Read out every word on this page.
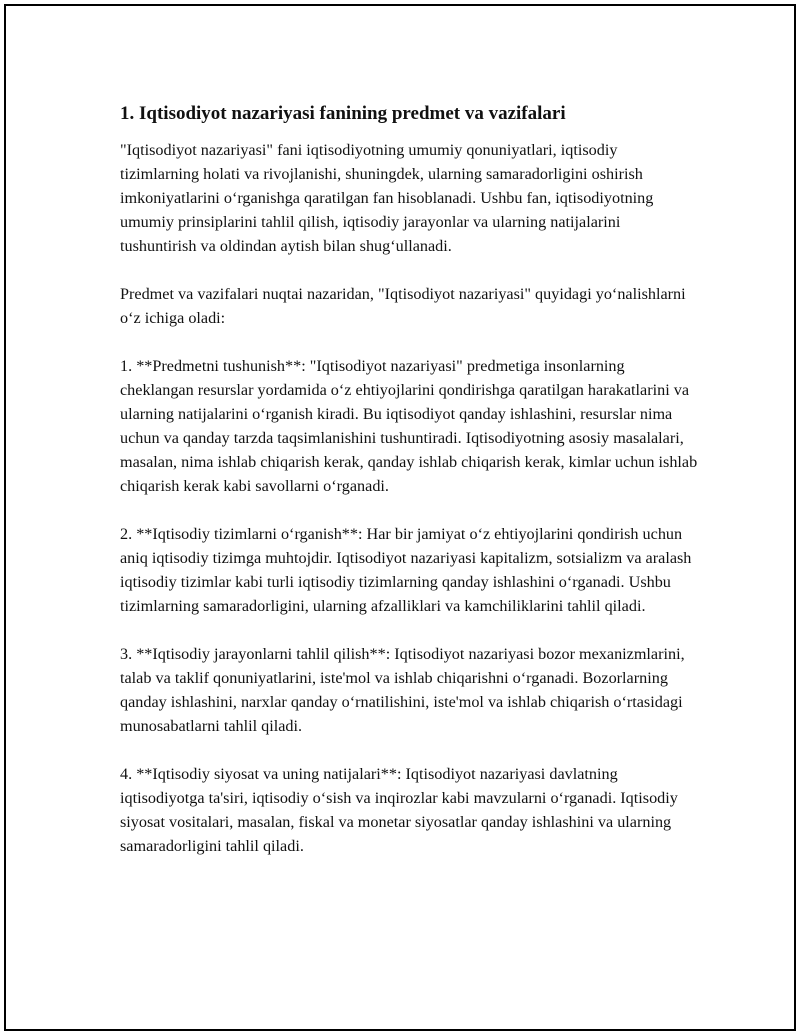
1. Iqtisodiyot nazariyasi fanining predmet va vazifalari

"Iqtisodiyot nazariyasi" fani iqtisodiyotning umumiy qonuniyatlari, iqtisodiy tizimlarning holati va rivojlanishi, shuningdek, ularning samaradorligini oshirish imkoniyatlarini o‘rganishga qaratilgan fan hisoblanadi. Ushbu fan, iqtisodiyotning umumiy prinsiplarini tahlil qilish, iqtisodiy jarayonlar va ularning natijalarini tushuntirish va oldindan aytish bilan shug‘ullanadi.

Predmet va vazifalari nuqtai nazaridan, "Iqtisodiyot nazariyasi" quyidagi yo‘nalishlarni o‘z ichiga oladi:

1. **Predmetni tushunish**: "Iqtisodiyot nazariyasi" predmetiga insonlarning cheklangan resurslar yordamida o‘z ehtiyojlarini qondirishga qaratilgan harakatlarini va ularning natijalarini o‘rganish kiradi. Bu iqtisodiyot qanday ishlashini, resurslar nima uchun va qanday tarzda taqsimlanishini tushuntiradi. Iqtisodiyotning asosiy masalalari, masalan, nima ishlab chiqarish kerak, qanday ishlab chiqarish kerak, kimlar uchun ishlab chiqarish kerak kabi savollarni o‘rganadi.

2. **Iqtisodiy tizimlarni o‘rganish**: Har bir jamiyat o‘z ehtiyojlarini qondirish uchun aniq iqtisodiy tizimga muhtojdir. Iqtisodiyot nazariyasi kapitalizm, sotsializm va aralash iqtisodiy tizimlar kabi turli iqtisodiy tizimlarning qanday ishlashini o‘rganadi. Ushbu tizimlarning samaradorligini, ularning afzalliklari va kamchiliklarini tahlil qiladi.

3. **Iqtisodiy jarayonlarni tahlil qilish**: Iqtisodiyot nazariyasi bozor mexanizmlarini, talab va taklif qonuniyatlarini, iste'mol va ishlab chiqarishni o‘rganadi. Bozorlarning qanday ishlashini, narxlar qanday o‘rnatilishini, iste'mol va ishlab chiqarish o‘rtasidagi munosabatlarni tahlil qiladi.

4. **Iqtisodiy siyosat va uning natijalari**: Iqtisodiyot nazariyasi davlatning iqtisodiyotga ta'siri, iqtisodiy o‘sish va inqirozlar kabi mavzularni o‘rganadi. Iqtisodiy siyosat vositalari, masalan, fiskal va monetar siyosatlar qanday ishlashini va ularning samaradorligini tahlil qiladi.
